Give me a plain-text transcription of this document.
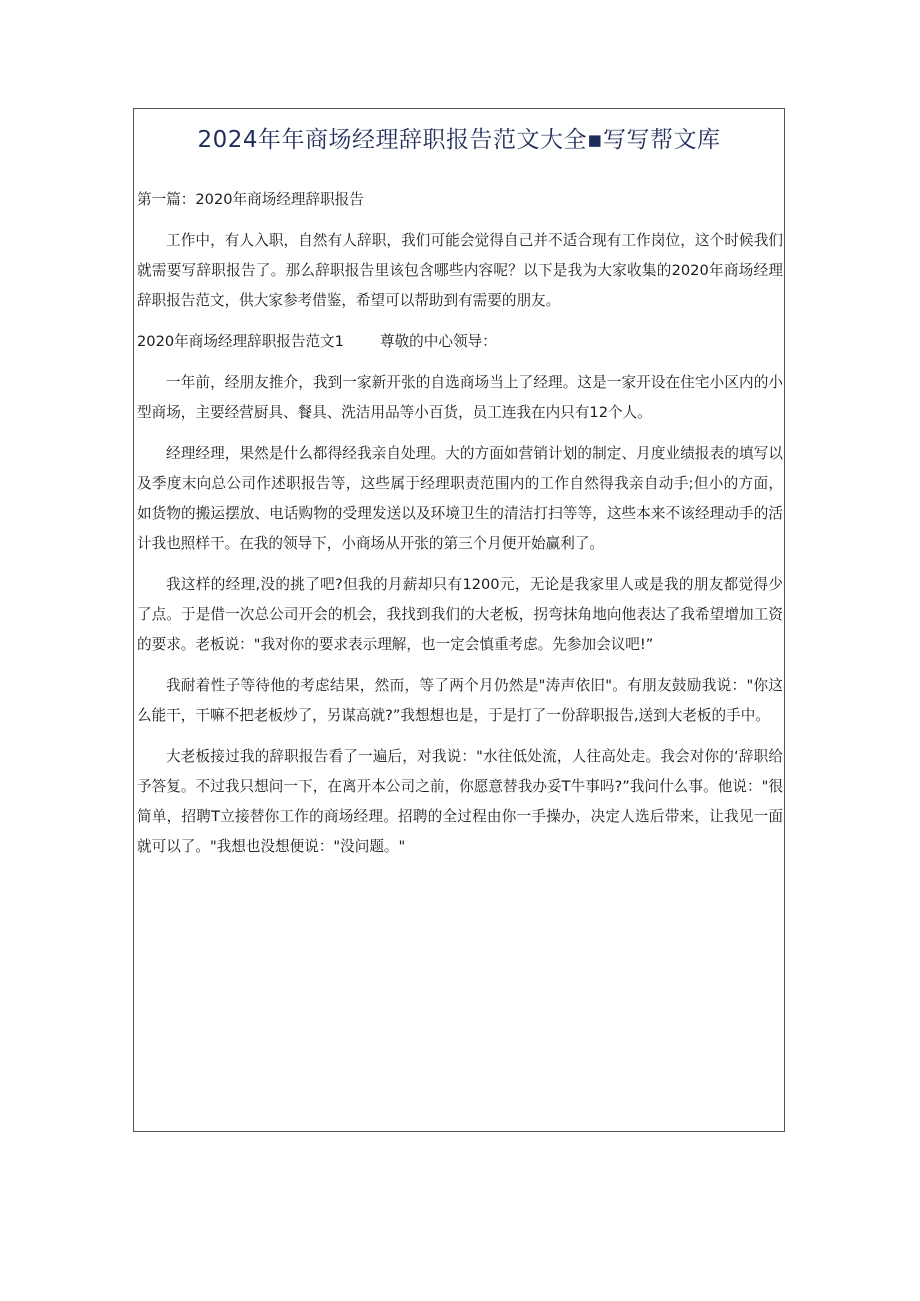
2024年年商场经理辞职报告范文大全▪写写帮文库

第一篇：2020年商场经理辞职报告

工作中，有人入职，自然有人辞职，我们可能会觉得自己并不适合现有工作岗位，这个时候我们就需要写辞职报告了。那么辞职报告里该包含哪些内容呢？以下是我为大家收集的2020年商场经理辞职报告范文，供大家参考借鉴，希望可以帮助到有需要的朋友。

2020年商场经理辞职报告范文1 尊敬的中心领导：

一年前，经朋友推介，我到一家新开张的自选商场当上了经理。这是一家开设在住宅小区内的小型商场，主要经营厨具、餐具、洗洁用品等小百货，员工连我在内只有12个人。

经理经理，果然是什么都得经我亲自处理。大的方面如营销计划的制定、月度业绩报表的填写以及季度末向总公司作述职报告等，这些属于经理职责范围内的工作自然得我亲自动手;但小的方面，如货物的搬运摆放、电话购物的受理发送以及环境卫生的清洁打扫等等，这些本来不该经理动手的活计我也照样干。在我的领导下，小商场从开张的第三个月便开始赢利了。

我这样的经理,没的挑了吧?但我的月薪却只有1200元，无论是我家里人或是我的朋友都觉得少了点。于是借一次总公司开会的机会，我找到我们的大老板，拐弯抹角地向他表达了我希望增加工资的要求。老板说："我对你的要求表示理解，也一定会慎重考虑。先参加会议吧!”

我耐着性子等待他的考虑结果，然而，等了两个月仍然是"涛声依旧"。有朋友鼓励我说："你这么能干，干嘛不把老板炒了，另谋高就?”我想想也是，于是打了一份辞职报告,送到大老板的手中。

大老板接过我的辞职报告看了一遍后，对我说："水往低处流，人往高处走。我会对你的‘辞职给予答复。不过我只想问一下，在离开本公司之前，你愿意替我办妥T牛事吗?”我问什么事。他说："很简单，招聘T立接替你工作的商场经理。招聘的全过程由你一手操办，决定人选后带来，让我见一面就可以了。"我想也没想便说："没问题。"
